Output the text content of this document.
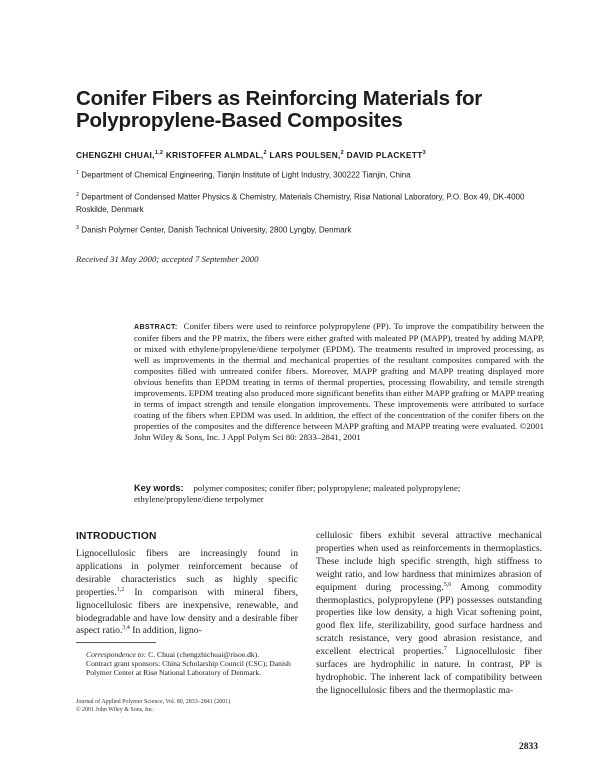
Conifer Fibers as Reinforcing Materials for Polypropylene-Based Composites
CHENGZHI CHUAI,$^{1,2}$ KRISTOFFER ALMDAL,$^2$ LARS POULSEN,$^2$ DAVID PLACKETT$^3$
$^1$ Department of Chemical Engineering, Tianjin Institute of Light Industry, 300222 Tianjin, China
$^2$ Department of Condensed Matter Physics & Chemistry, Materials Chemistry, Risø National Laboratory, P.O. Box 49, DK-4000 Roskilde, Denmark
$^3$ Danish Polymer Center, Danish Technical University, 2800 Lyngby, Denmark
Received 31 May 2000; accepted 7 September 2000
ABSTRACT: Conifer fibers were used to reinforce polypropylene (PP). To improve the compatibility between the conifer fibers and the PP matrix, the fibers were either grafted with maleated PP (MAPP), treated by adding MAPP, or mixed with ethylene/propylene/diene terpolymer (EPDM). The treatments resulted in improved processing, as well as improvements in the thermal and mechanical properties of the resultant composites compared with the composites filled with untreated conifer fibers. Moreover, MAPP grafting and MAPP treating displayed more obvious benefits than EPDM treating in terms of thermal properties, processing flowability, and tensile strength improvements. EPDM treating also produced more significant benefits than either MAPP grafting or MAPP treating in terms of impact strength and tensile elongation improvements. These improvements were attributed to surface coating of the fibers when EPDM was used. In addition, the effect of the concentration of the conifer fibers on the properties of the composites and the difference between MAPP grafting and MAPP treating were evaluated. ©2001 John Wiley & Sons, Inc. J Appl Polym Sci 80: 2833–2841, 2001
Key words: polymer composites; conifer fiber; polypropylene; maleated polypropylene; ethylene/propylene/diene terpolymer
INTRODUCTION
Lignocellulosic fibers are increasingly found in applications in polymer reinforcement because of desirable characteristics such as highly specific properties.$^{1,2}$ In comparison with mineral fibers, lignocellulosic fibers are inexpensive, renewable, and biodegradable and have low density and a desirable fiber aspect ratio.$^{3,4}$ In addition, ligno-
cellulosic fibers exhibit several attractive mechanical properties when used as reinforcements in thermoplastics. These include high specific strength, high stiffness to weight ratio, and low hardness that minimizes abrasion of equipment during processing.$^{5,6}$ Among commodity thermoplastics, polypropylene (PP) possesses outstanding properties like low density, a high Vicat softening point, good flex life, sterilizability, good surface hardness and scratch resistance, very good abrasion resistance, and excellent electrical properties.$^7$ Lignocellulosic fiber surfaces are hydrophilic in nature. In contrast, PP is hydrophobic. The inherent lack of compatibility between the lignocellulosic fibers and the thermoplastic ma-
Correspondence to: C. Chuai (chengzhichuai@risoe.dk).
Contract grant sponsors: China Scholarship Council (CSC); Danish Polymer Center at Risø National Laboratory of Denmark.
Journal of Applied Polymer Science, Vol. 80, 2833–2841 (2001)
© 2001 John Wiley & Sons, Inc.
2833
